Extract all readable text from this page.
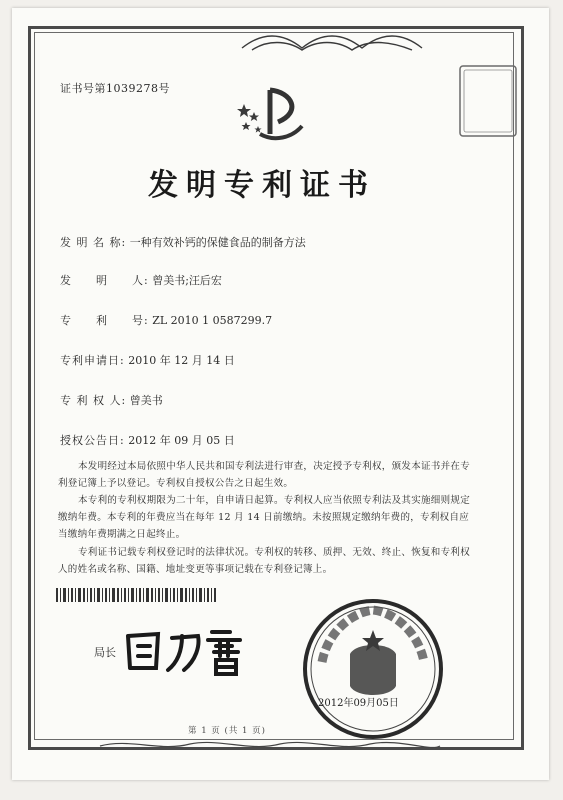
证书号第1039278号
发明专利证书
发 明 名 称: 一种有效补钙的保健食品的制备方法
发　　明　　人: 曾美书;汪后宏
专　　利　　号: ZL 2010 1 0587299.7
专利申请日: 2010 年 12 月 14 日
专 利 权 人: 曾美书
授权公告日: 2012 年 09 月 05 日
本发明经过本局依照中华人民共和国专利法进行审查，决定授予专利权，颁发本证书并在专利登记簿上予以登记。专利权自授权公告之日起生效。
本专利的专利权期限为二十年，自申请日起算。专利权人应当依照专利法及其实施细则规定缴纳年费。本专利的年费应当在每年 12 月 14 日前缴纳。未按照规定缴纳年费的，专利权自应当缴纳年费期满之日起终止。
专利证书记载专利权登记时的法律状况。专利权的转移、质押、无效、终止、恢复和专利权人的姓名或名称、国籍、地址变更等事项记载在专利登记簿上。
局长
2012年09月05日
第 1 页 (共 1 页)
